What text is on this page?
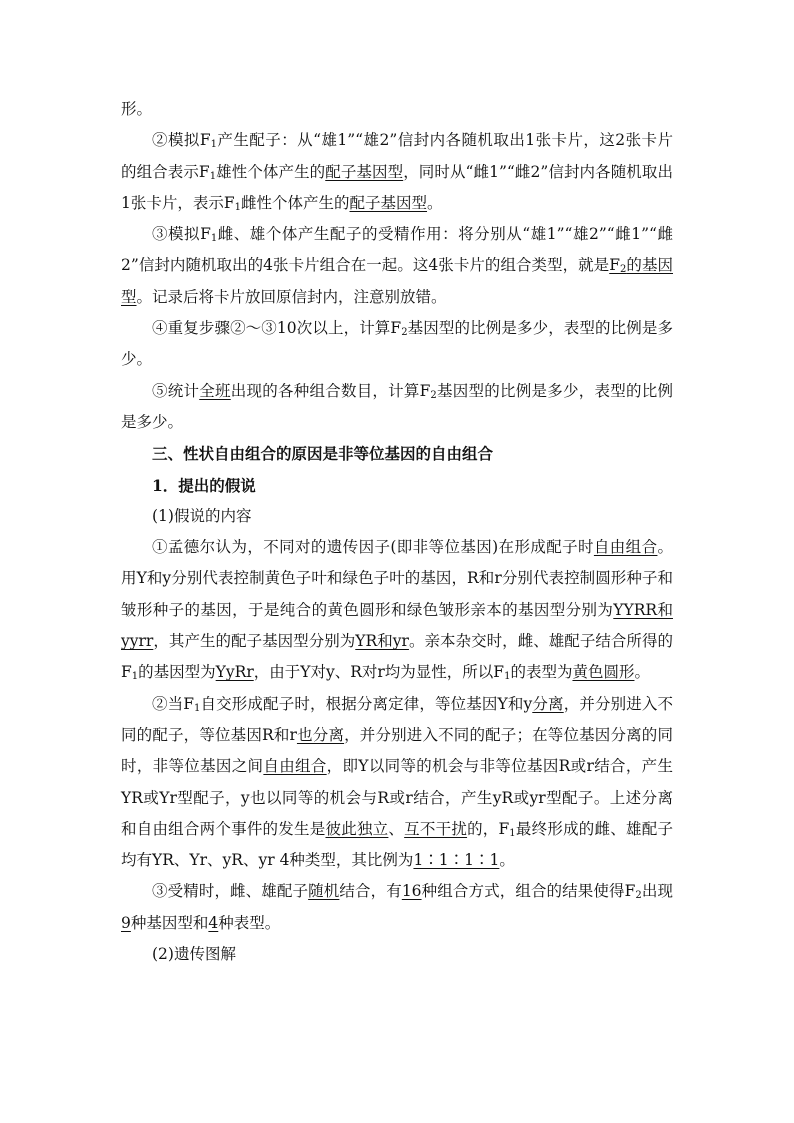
形。

②模拟$F_1$产生配子：从“雄1”“雄2”信封内各随机取出1张卡片，这2张卡片的组合表示$F_1$雄性个体产生的配子基因型，同时从“雌1”“雌2”信封内各随机取出1张卡片，表示$F_1$雌性个体产生的配子基因型。

③模拟$F_1$雌、雄个体产生配子的受精作用：将分别从“雄1”“雄2”“雌1”“雌2”信封内随机取出的4张卡片组合在一起。这4张卡片的组合类型，就是$F_2$的基因型。记录后将卡片放回原信封内，注意别放错。

④重复步骤②～③10次以上，计算$F_2$基因型的比例是多少，表型的比例是多少。

⑤统计全班出现的各种组合数目，计算$F_2$基因型的比例是多少，表型的比例是多少。

三、性状自由组合的原因是非等位基因的自由组合

1．提出的假说

(1)假说的内容

①孟德尔认为，不同对的遗传因子(即非等位基因)在形成配子时自由组合。用Y和y分别代表控制黄色子叶和绿色子叶的基因，R和r分别代表控制圆形种子和皱形种子的基因，于是纯合的黄色圆形和绿色皱形亲本的基因型分别为YYRR和yyrr，其产生的配子基因型分别为YR和yr。亲本杂交时，雌、雄配子结合所得的$F_1$的基因型为YyRr，由于Y对y、R对r均为显性，所以$F_1$的表型为黄色圆形。

②当$F_1$自交形成配子时，根据分离定律，等位基因Y和y分离，并分别进入不同的配子，等位基因R和r也分离，并分别进入不同的配子；在等位基因分离的同时，非等位基因之间自由组合，即Y以同等的机会与非等位基因R或r结合，产生YR或Yr型配子，y也以同等的机会与R或r结合，产生yR或yr型配子。上述分离和自由组合两个事件的发生是彼此独立、互不干扰的，$F_1$最终形成的雌、雄配子均有YR、Yr、yR、yr 4种类型，其比例为1∶1∶1∶1。

③受精时，雌、雄配子随机结合，有16种组合方式，组合的结果使得$F_2$出现9种基因型和4种表型。

(2)遗传图解
